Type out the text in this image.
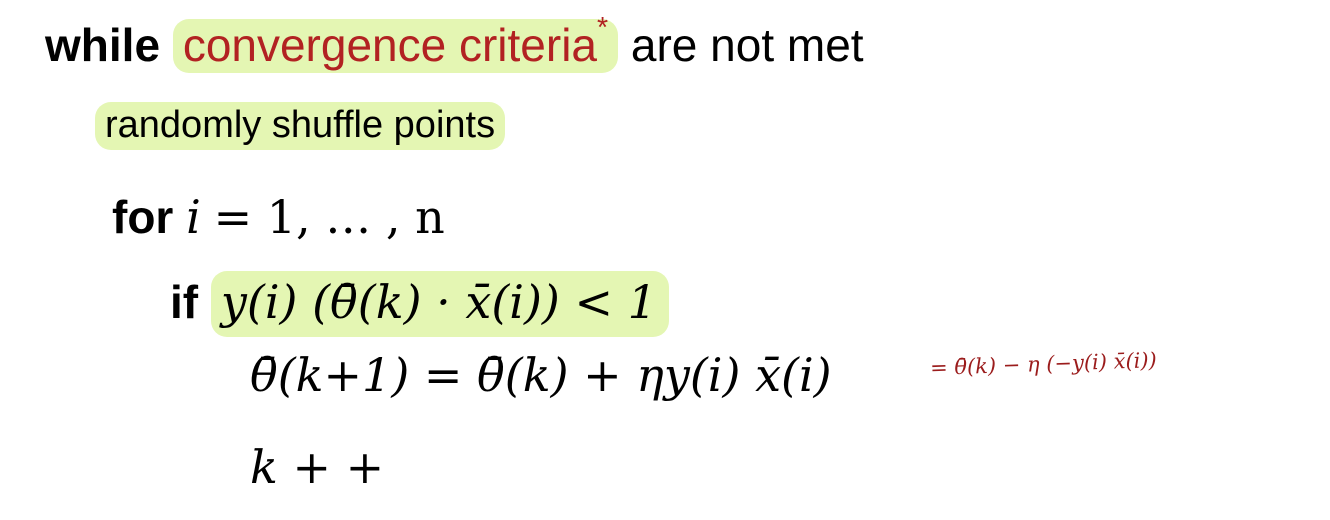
while convergence criteria* are not met
randomly shuffle points
for i = 1, … , n
if y(i) (θ̄(k) · x̄(i)) < 1
θ̄(k+1) = θ̄(k) + ηy(i) x̄(i)	= θ̄(k) − η (−y(i) x̄(i))
k + +
